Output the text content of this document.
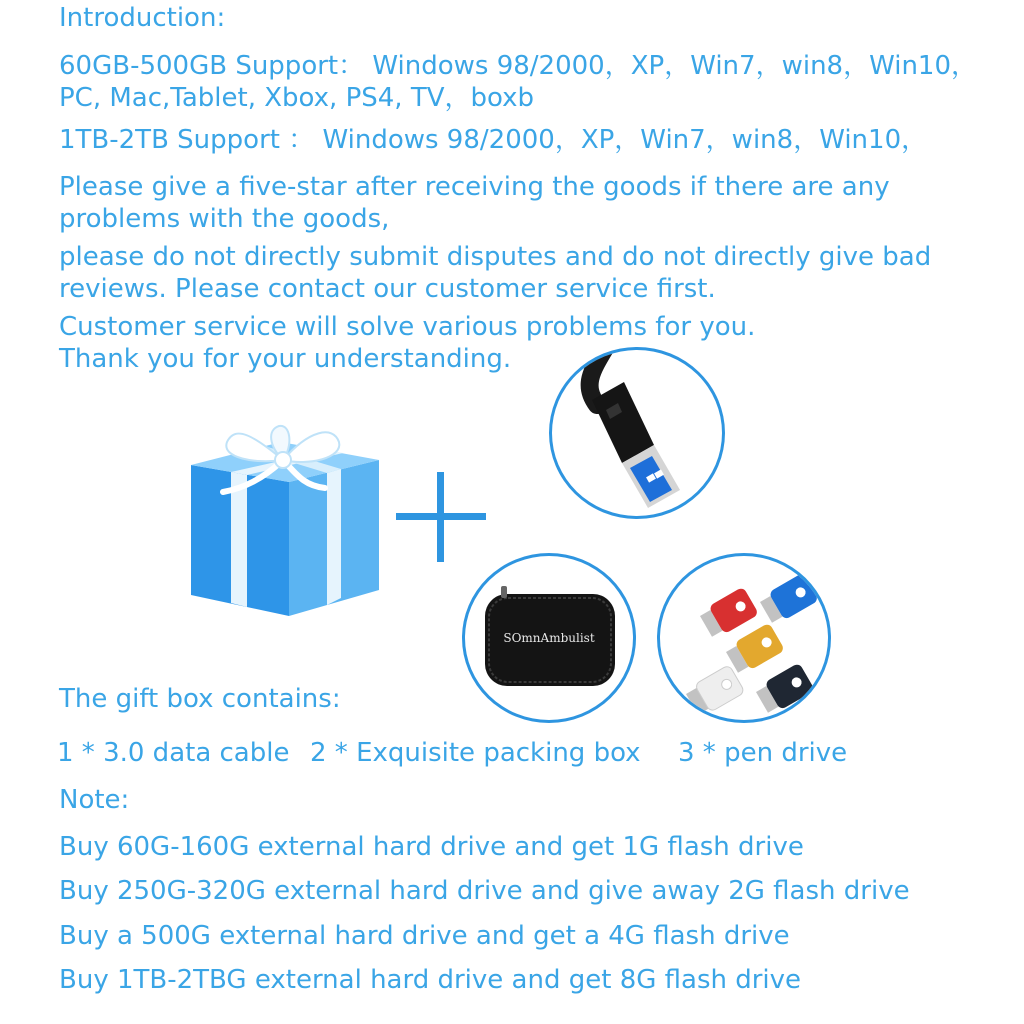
Introduction:

60GB-500GB Support： Windows 98/2000，XP，Win7，win8，Win10，

PC, Mac,Tablet, Xbox, PS4, TV，boxb

1TB-2TB Support ： Windows 98/2000，XP，Win7，win8，Win10，

Please give a five-star after receiving the goods if there are any

problems with the goods,

please do not directly submit disputes and do not directly give bad

reviews. Please contact our customer service first.

Customer service will solve various problems for you.

Thank you for your understanding.

SOmnAmbulist

The gift box contains:

1 * 3.0 data cable 2 * Exquisite packing box 3 * pen drive

Note:

Buy 60G-160G external hard drive and get 1G flash drive

Buy 250G-320G external hard drive and give away 2G flash drive

Buy a 500G external hard drive and get a 4G flash drive

Buy 1TB-2TBG external hard drive and get 8G flash drive
